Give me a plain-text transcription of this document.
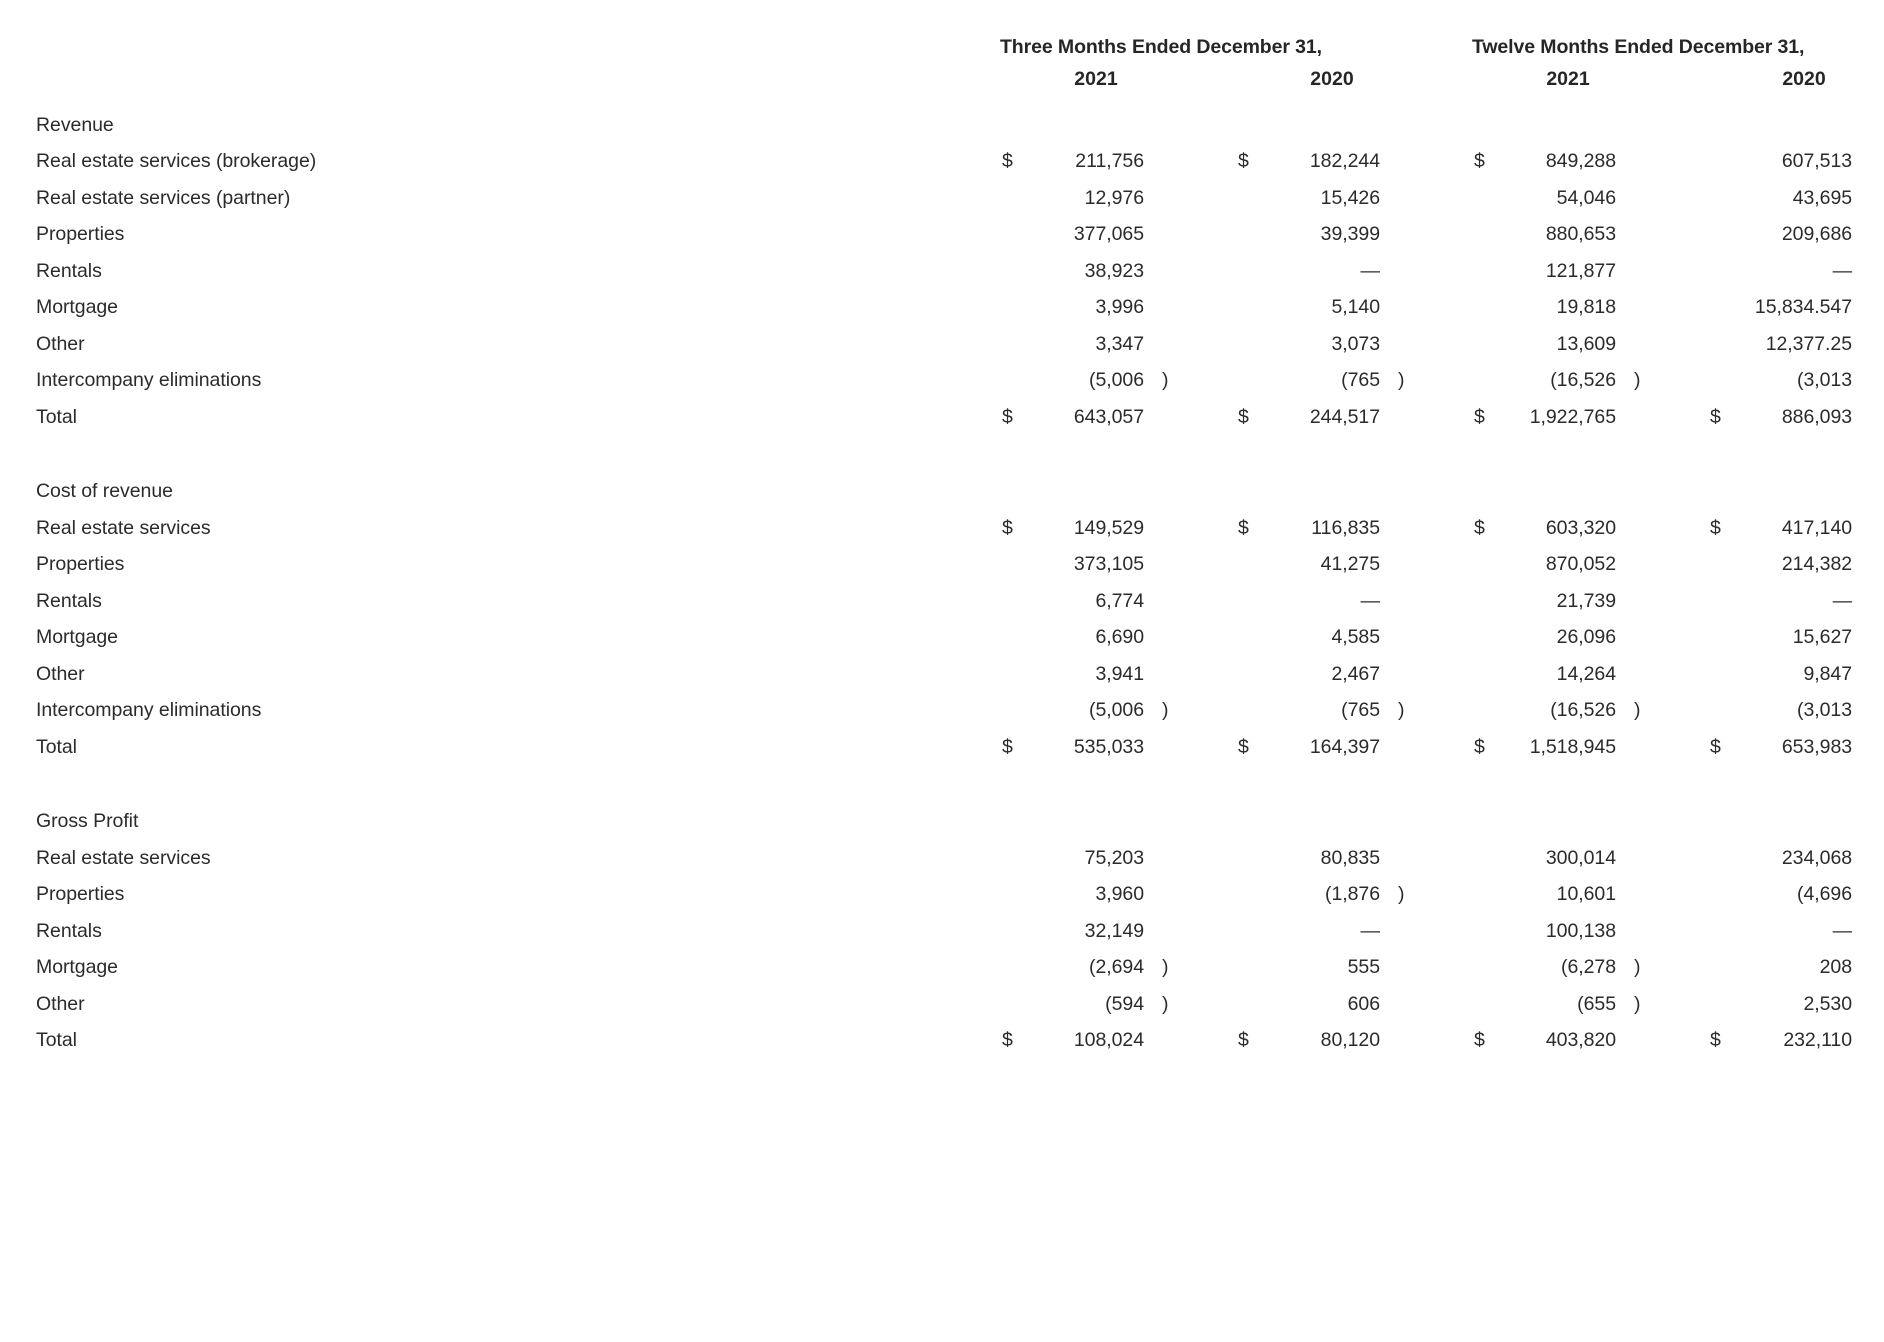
	Three Months Ended December 31,								Twelve Months Ended December 31,						
	2021				2020				2021				2020		
Revenue															
Real estate services (brokerage)	$	211,756			$	182,244			$	849,288				607,513	
Real estate services (partner)		12,976				15,426				54,046				43,695	
Properties		377,065				39,399				880,653				209,686	
Rentals		38,923				—				121,877				—	
Mortgage		3,996				5,140				19,818				15,834.547	
Other		3,347				3,073				13,609				12,377.25	
Intercompany eliminations		(5,006	)			(765	)			(16,526	)			(3,013	
Total	$	643,057			$	244,517			$	1,922,765			$	886,093	

Cost of revenue															
Real estate services	$	149,529			$	116,835			$	603,320			$	417,140	
Properties		373,105				41,275				870,052				214,382	
Rentals		6,774				—				21,739				—	
Mortgage		6,690				4,585				26,096				15,627	
Other		3,941				2,467				14,264				9,847	
Intercompany eliminations		(5,006	)			(765	)			(16,526	)			(3,013	
Total	$	535,033			$	164,397			$	1,518,945			$	653,983	

Gross Profit															
Real estate services		75,203				80,835				300,014				234,068	
Properties		3,960				(1,876	)			10,601				(4,696	
Rentals		32,149				—				100,138				—	
Mortgage		(2,694	)			555				(6,278	)			208	
Other		(594	)			606				(655	)			2,530	
Total	$	108,024			$	80,120			$	403,820			$	232,110	
